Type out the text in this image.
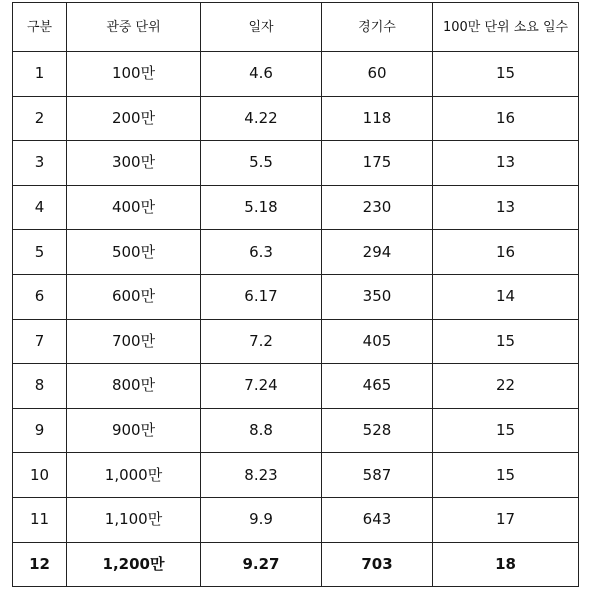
구분	관중 단위	일자	경기수	100만 단위 소요 일수
1	100만	4.6	60	15
2	200만	4.22	118	16
3	300만	5.5	175	13
4	400만	5.18	230	13
5	500만	6.3	294	16
6	600만	6.17	350	14
7	700만	7.2	405	15
8	800만	7.24	465	22
9	900만	8.8	528	15
10	1,000만	8.23	587	15
11	1,100만	9.9	643	17
12	1,200만	9.27	703	18
